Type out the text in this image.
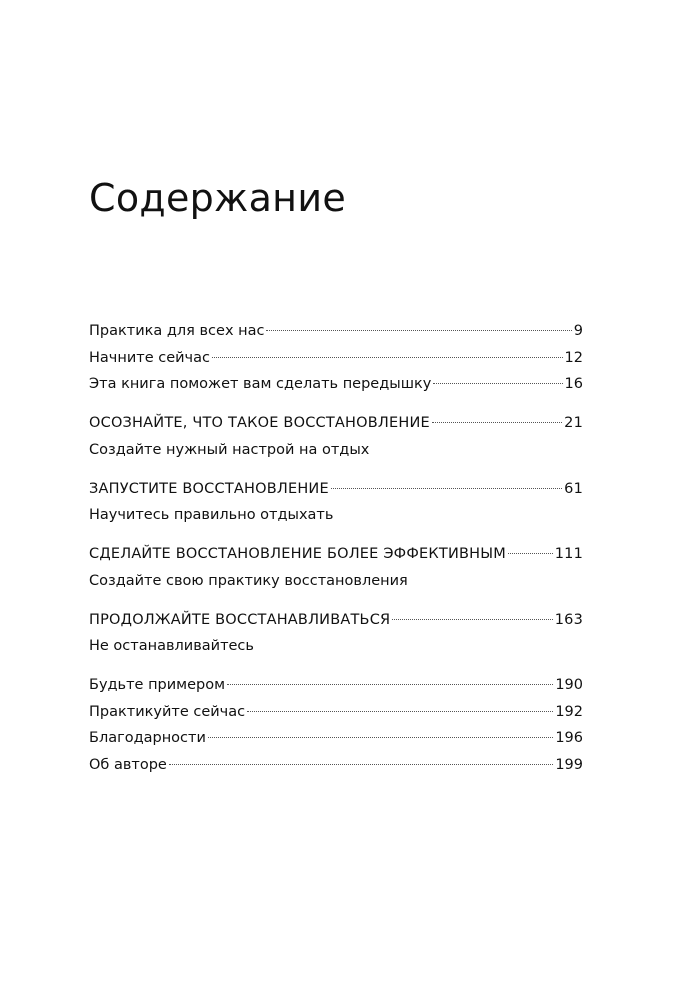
Содержание
Практика для всех нас	9
Начните сейчас	12
Эта книга поможет вам сделать передышку	16
ОСОЗНАЙТЕ, ЧТО ТАКОЕ ВОССТАНОВЛЕНИЕ	21
Создайте нужный настрой на отдых
ЗАПУСТИТЕ ВОССТАНОВЛЕНИЕ	61
Научитесь правильно отдыхать
СДЕЛАЙТЕ ВОССТАНОВЛЕНИЕ БОЛЕЕ ЭФФЕКТИВНЫМ	111
Создайте свою практику восстановления
ПРОДОЛЖАЙТЕ ВОССТАНАВЛИВАТЬСЯ	163
Не останавливайтесь
Будьте примером	190
Практикуйте сейчас	192
Благодарности	196
Об авторе	199
